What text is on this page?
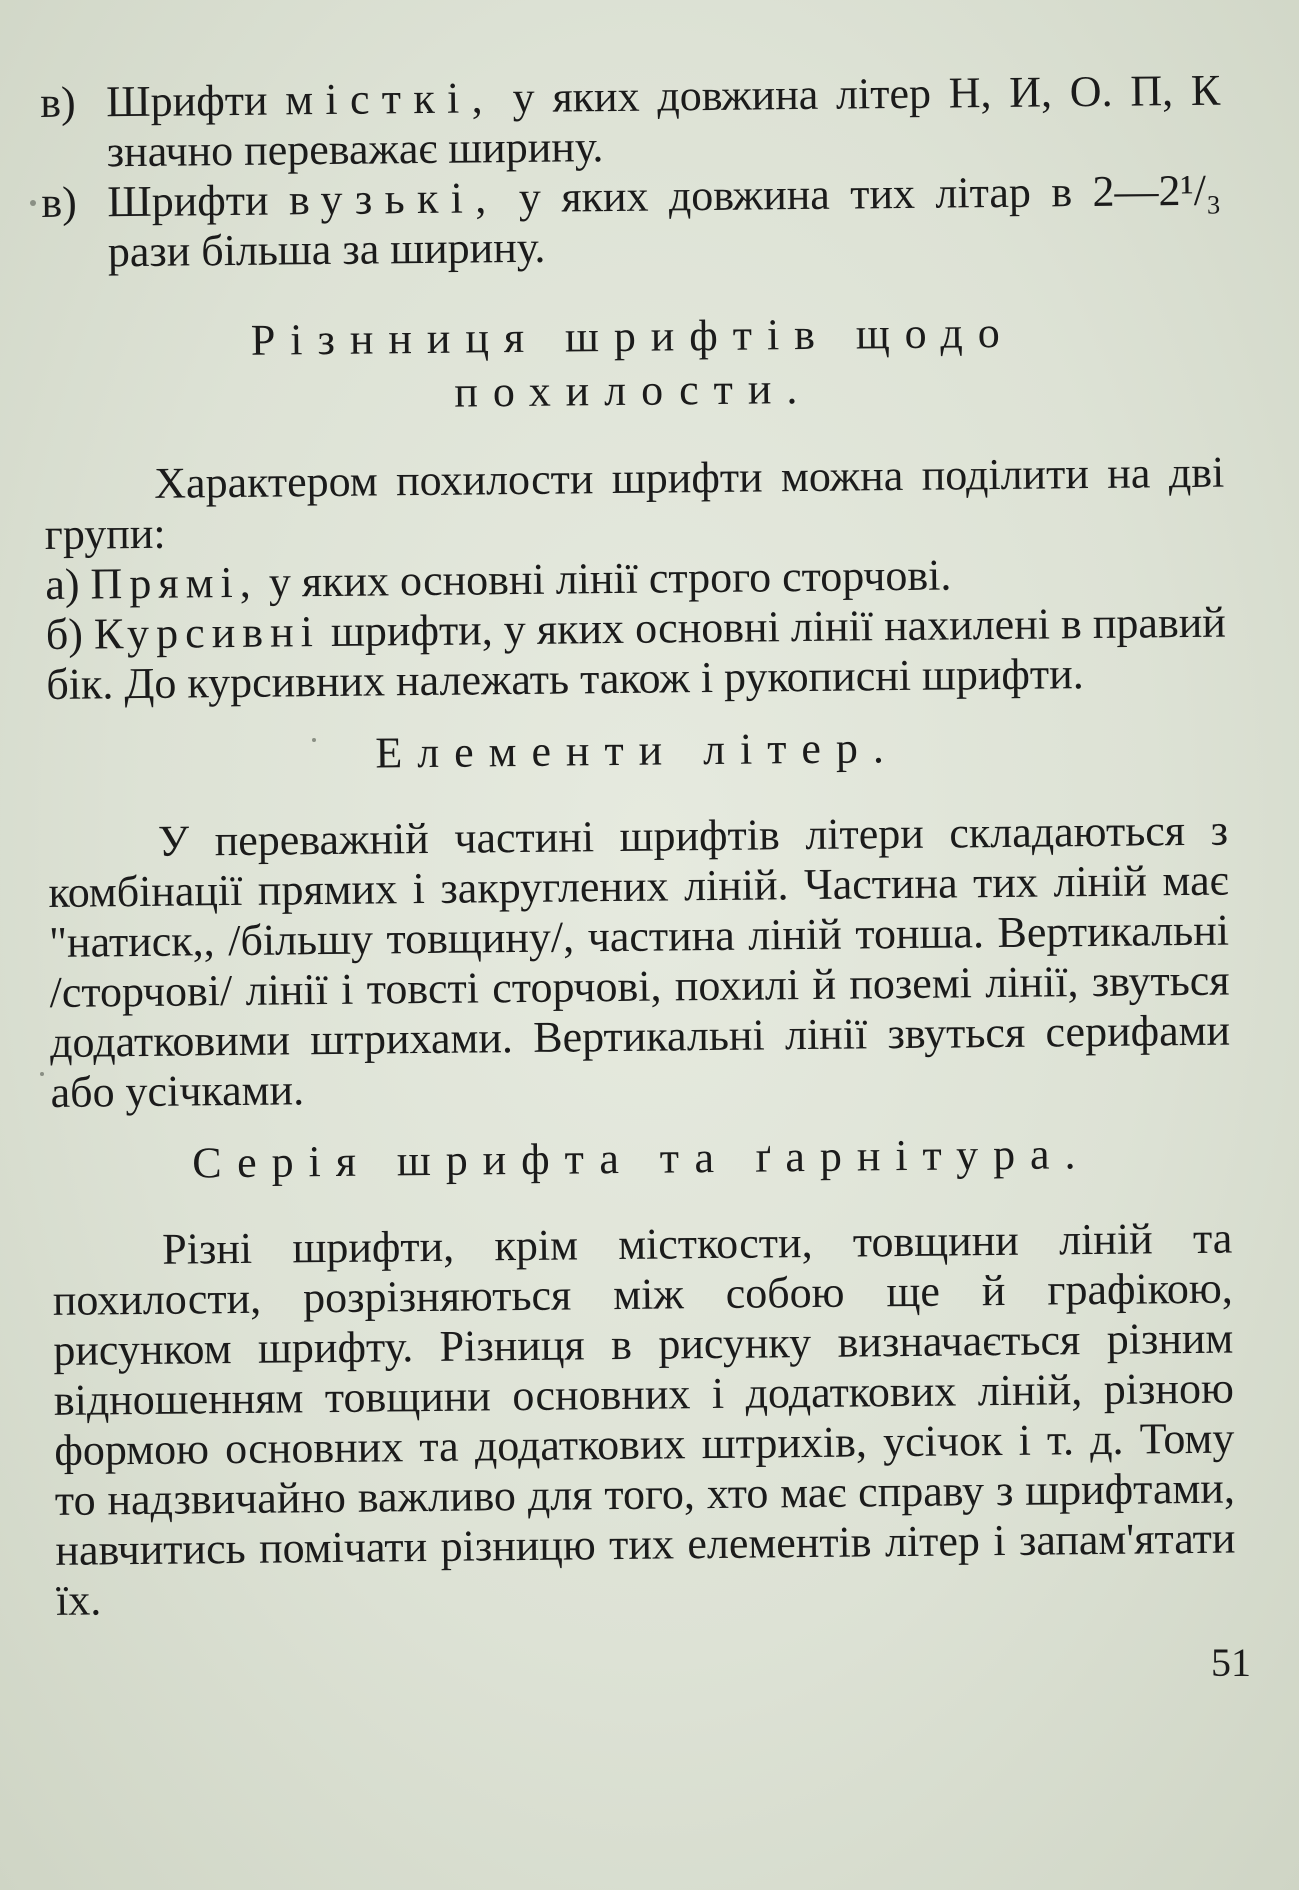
в) Шрифти місткі, у яких довжина літер Н, И, О. П, К значно переважає ширину.

в) Шрифти вузькі, у яких довжина тих літар в 2—2¹/₃ рази більша за ширину.

Різнниця шрифтів щодо
похилости.

Характером похилости шрифти можна поділити на дві групи:

а) Прямі, у яких основні лінії строго сторчові.

б) Курсивні шрифти, у яких основні лінії нахилені в правий бік. До курсивних належать також і рукописні шрифти.

Елементи літер.

У переважній частині шрифтів літери складаються з комбінації прямих і закруглених ліній. Частина тих ліній має "натиск,, /більшу товщину/, частина ліній тонша. Вертикальні /сторчові/ лінії і товсті сторчові, похилі й поземі лінії, звуться додатковими штрихами. Вертикальні лінії звуться серифами або усічками.

Серія шрифта та ґарнітура.

Різні шрифти, крім місткости, товщини ліній та похилости, розрізняються між собою ще й графікою, рисунком шрифту. Різниця в рисунку визначається різним відношенням товщини основних і додаткових ліній, різною формою основних та додаткових штрихів, усічок і т. д. Тому то надзвичайно важливо для того, хто має справу з шрифтами, навчитись помічати різницю тих елементів літер і запам'ятати їх.

51
